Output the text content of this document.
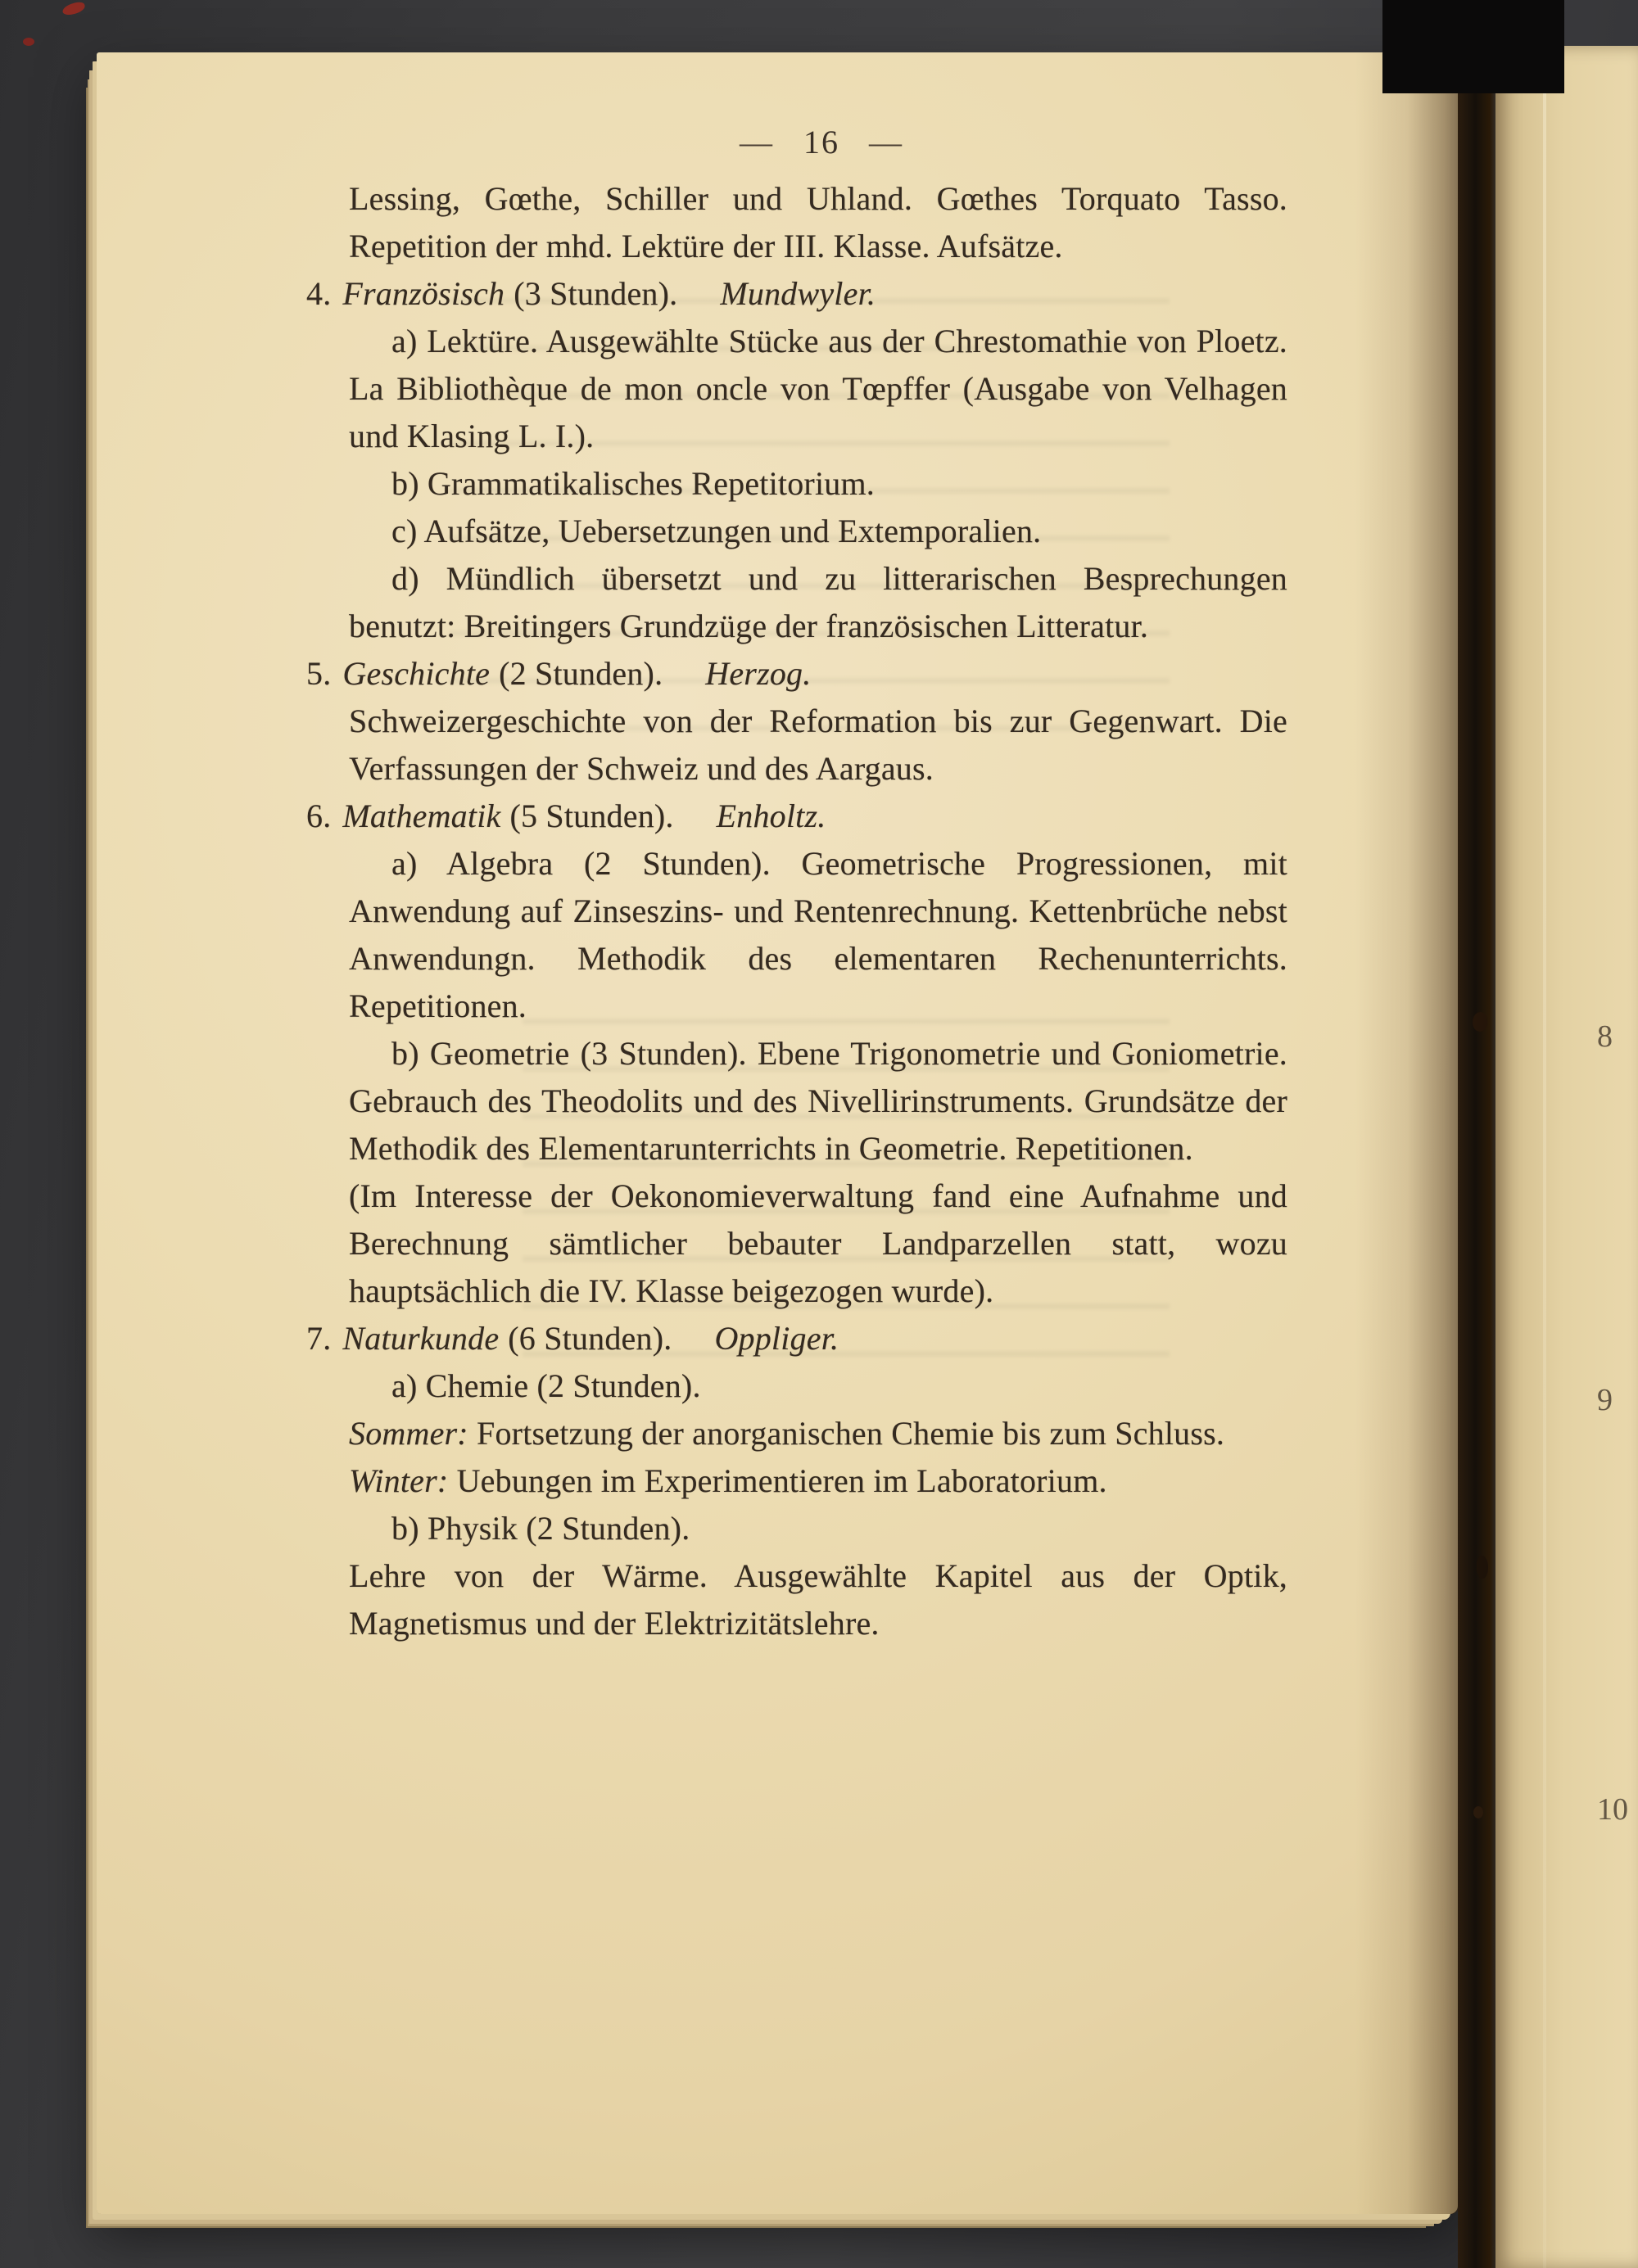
— 16 —

Lessing, Gœthe, Schiller und Uhland. Gœthes Torquato Tasso. Repetition der mhd. Lektüre der III. Klasse. Aufsätze.

4. Französisch (3 Stunden). Mundwyler.

a) Lektüre. Ausgewählte Stücke aus der Chrestomathie von Ploetz. La Bibliothèque de mon oncle von Tœpffer (Ausgabe von Velhagen und Klasing L. I.).

b) Grammatikalisches Repetitorium.

c) Aufsätze, Uebersetzungen und Extemporalien.

d) Mündlich übersetzt und zu litterarischen Besprechungen benutzt: Breitingers Grundzüge der französischen Litteratur.

5. Geschichte (2 Stunden). Herzog.

Schweizergeschichte von der Reformation bis zur Gegenwart. Die Verfassungen der Schweiz und des Aargaus.

6. Mathematik (5 Stunden). Enholtz.

a) Algebra (2 Stunden). Geometrische Progressionen, mit Anwendung auf Zinseszins- und Rentenrechnung. Kettenbrüche nebst Anwendungn. Methodik des elementaren Rechenunterrichts. Repetitionen.

b) Geometrie (3 Stunden). Ebene Trigonometrie und Goniometrie. Gebrauch des Theodolits und des Nivellirinstruments. Grundsätze der Methodik des Elementarunterrichts in Geometrie. Repetitionen.

(Im Interesse der Oekonomieverwaltung fand eine Aufnahme und Berechnung sämtlicher bebauter Landparzellen statt, wozu hauptsächlich die IV. Klasse beigezogen wurde).

7. Naturkunde (6 Stunden). Oppliger.

a) Chemie (2 Stunden).

Sommer: Fortsetzung der anorganischen Chemie bis zum Schluss.

Winter: Uebungen im Experimentieren im Laboratorium.

b) Physik (2 Stunden).

Lehre von der Wärme. Ausgewählte Kapitel aus der Optik, Magnetismus und der Elektrizitätslehre.

8
9
10
